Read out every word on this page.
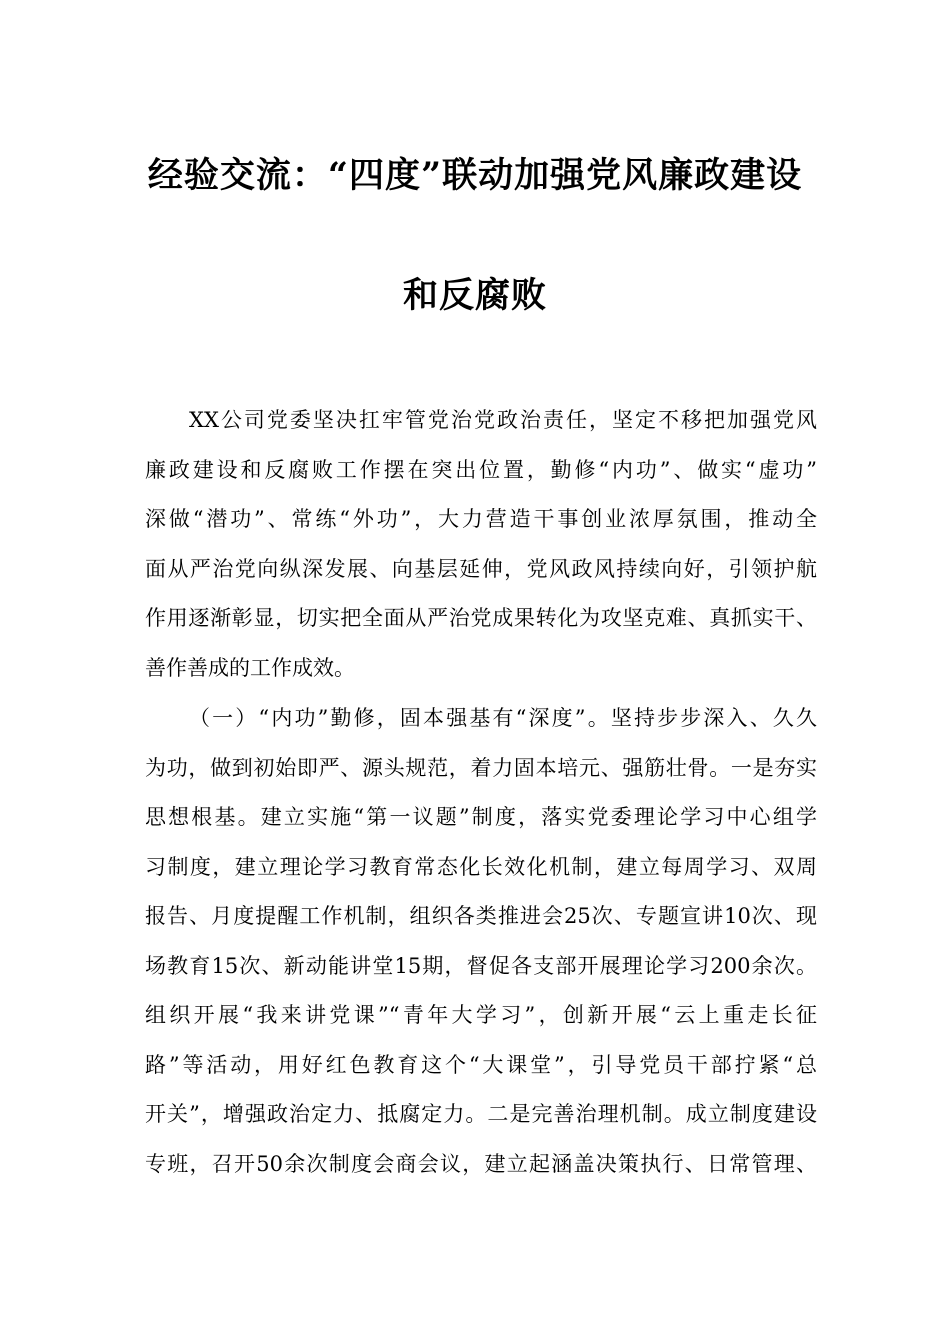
经验交流：“四度”联动加强党风廉政建设
和反腐败
XX公司党委坚决扛牢管党治党政治责任，坚定不移把加强党风
廉政建设和反腐败工作摆在突出位置，勤修“内功”、做实“虚功”
深做“潜功”、常练“外功”，大力营造干事创业浓厚氛围，推动全
面从严治党向纵深发展、向基层延伸，党风政风持续向好，引领护航
作用逐渐彰显，切实把全面从严治党成果转化为攻坚克难、真抓实干、
善作善成的工作成效。
（一）“内功”勤修，固本强基有“深度”。坚持步步深入、久久
为功，做到初始即严、源头规范，着力固本培元、强筋壮骨。一是夯实
思想根基。建立实施“第一议题”制度，落实党委理论学习中心组学
习制度，建立理论学习教育常态化长效化机制，建立每周学习、双周
报告、月度提醒工作机制，组织各类推进会25次、专题宣讲10次、现
场教育15次、新动能讲堂15期，督促各支部开展理论学习200余次。
组织开展“我来讲党课”“青年大学习”，创新开展“云上重走长征
路”等活动，用好红色教育这个“大课堂”，引导党员干部拧紧“总
开关”，增强政治定力、抵腐定力。二是完善治理机制。成立制度建设
专班，召开50余次制度会商会议，建立起涵盖决策执行、日常管理、
